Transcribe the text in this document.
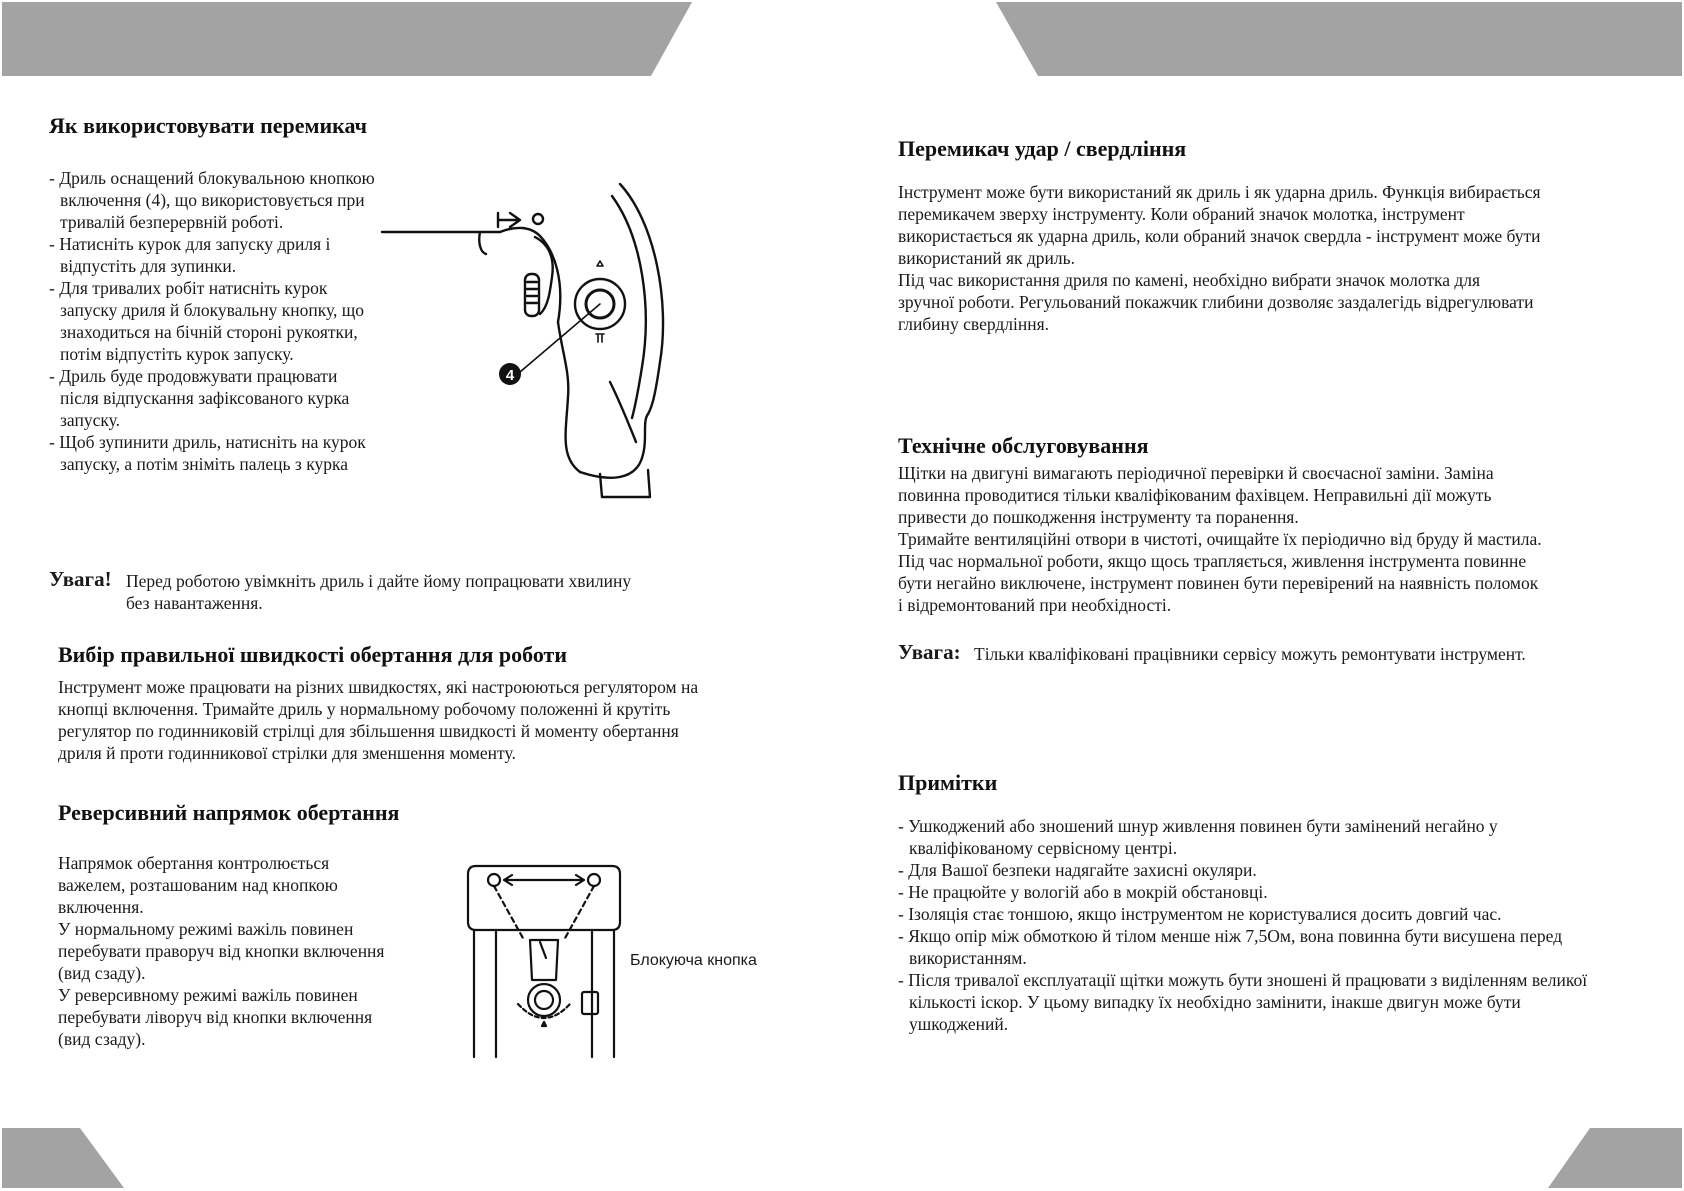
Як використовувати перемикач
- Дриль оснащений блокувальною кнопкою включення (4), що використовується при тривалій безперервній роботі.
- Натисніть курок для запуску дриля і відпустіть для зупинки.
- Для тривалих робіт натисніть курок запуску дриля й блокувальну кнопку, що знаходиться на бічній стороні рукоятки, потім відпустіть курок запуску.
- Дриль буде продовжувати працювати після відпускання зафіксованого курка запуску.
- Щоб зупинити дриль, натисніть на курок запуску, а потім зніміть палець з курка
4
Увага! Перед роботою увімкніть дриль і дайте йому попрацювати хвилину
без навантаження.
Вибір правильної швидкості обертання для роботи
Інструмент може працювати на різних швидкостях, які настроюються регулятором на
кнопці включення. Тримайте дриль у нормальному робочому положенні й крутіть
регулятор по годинниковій стрілці для збільшення швидкості й моменту обертання
дриля й проти годинникової стрілки для зменшення моменту.
Реверсивний напрямок обертання
Напрямок обертання контролюється
важелем, розташованим над кнопкою
включення.
У нормальному режимі важіль повинен
перебувати праворуч від кнопки включення
(вид сзаду).
У реверсивному режимі важіль повинен
перебувати ліворуч від кнопки включення
(вид сзаду).
Блокуюча кнопка
Перемикач удар / свердління
Інструмент може бути використаний як дриль і як ударна дриль. Функція вибирається
перемикачем зверху інструменту. Коли обраний значок молотка, інструмент
використається як ударна дриль, коли обраний значок свердла - інструмент може бути
використаний як дриль.
Під час використання дриля по камені, необхідно вибрати значок молотка для
зручної роботи. Регульований покажчик глибини дозволяє заздалегідь відрегулювати
глибину свердління.
Технічне обслуговування
Щітки на двигуні вимагають періодичної перевірки й своєчасної заміни. Заміна
повинна проводитися тільки кваліфікованим фахівцем. Неправильні дії можуть
привести до пошкодження інструменту та поранення.
Тримайте вентиляційні отвори в чистоті, очищайте їх періодично від бруду й мастила.
Під час нормальної роботи, якщо щось трапляється, живлення інструмента повинне
бути негайно виключене, інструмент повинен бути перевірений на наявність поломок
і відремонтований при необхідності.
Увага: Тільки кваліфіковані працівники сервісу можуть ремонтувати інструмент.
Примітки
- Ушкоджений або зношений шнур живлення повинен бути замінений негайно у кваліфікованому сервісному центрі.
- Для Вашої безпеки надягайте захисні окуляри.
- Не працюйте у вологій або в мокрій обстановці.
- Ізоляція стає тоншою, якщо інструментом не користувалися досить довгий час.
- Якщо опір між обмоткою й тілом менше ніж 7,5Ом, вона повинна бути висушена перед використанням.
- Після тривалої експлуатації щітки можуть бути зношені й працювати з виділенням великої кількості іскор. У цьому випадку їх необхідно замінити, інакше двигун може бути ушкоджений.
